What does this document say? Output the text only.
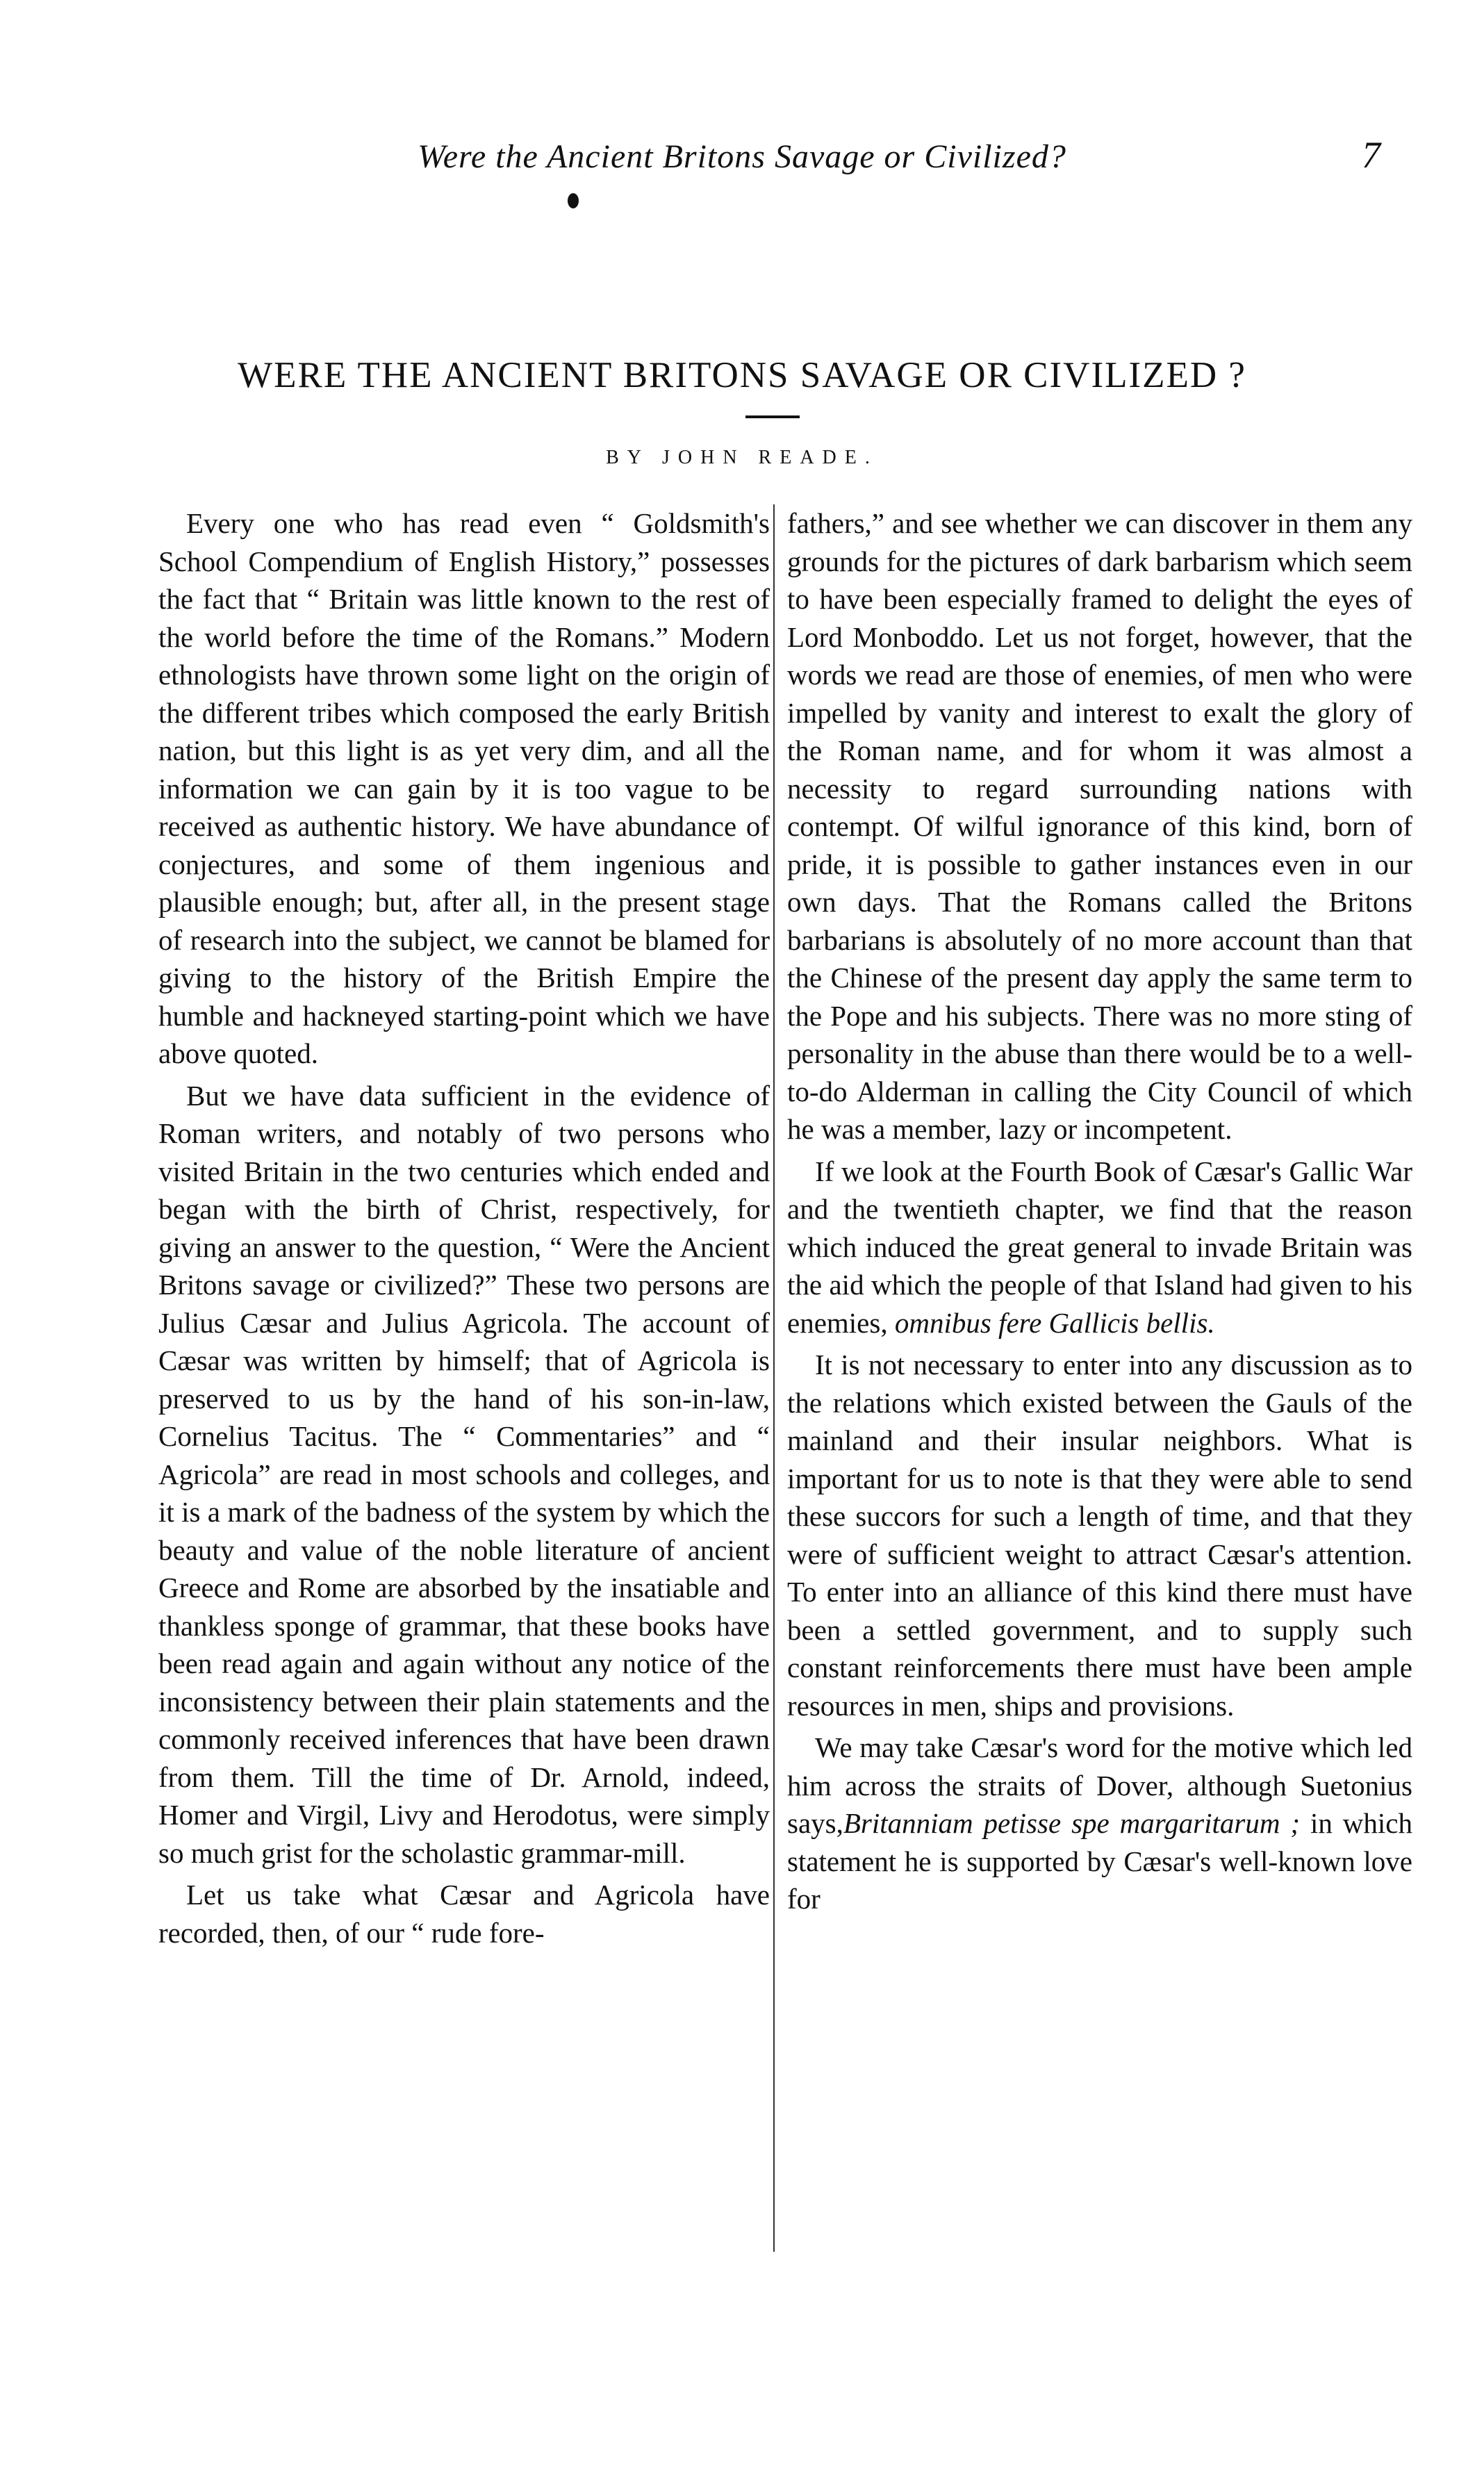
Were the Ancient Britons Savage or Civilized?	7
WERE THE ANCIENT BRITONS SAVAGE OR CIVILIZED ?
BY JOHN READE.

Every one who has read even “ Goldsmith's School Compendium of English History,” possesses the fact that “ Britain was little known to the rest of the world before the time of the Romans.” Modern ethnologists have thrown some light on the origin of the different tribes which composed the early British nation, but this light is as yet very dim, and all the information we can gain by it is too vague to be received as authentic history. We have abundance of conjectures, and some of them ingenious and plausible enough; but, after all, in the present stage of research into the subject, we cannot be blamed for giving to the history of the British Empire the humble and hackneyed starting-point which we have above quoted.

But we have data sufficient in the evidence of Roman writers, and notably of two persons who visited Britain in the two centuries which ended and began with the birth of Christ, respectively, for giving an answer to the question, “ Were the Ancient Britons savage or civilized?” These two persons are Julius Cæsar and Julius Agricola. The account of Cæsar was written by himself; that of Agricola is preserved to us by the hand of his son-in-law, Cornelius Tacitus. The “ Commentaries” and “ Agricola” are read in most schools and colleges, and it is a mark of the badness of the system by which the beauty and value of the noble literature of ancient Greece and Rome are absorbed by the insatiable and thankless sponge of grammar, that these books have been read again and again without any notice of the inconsistency between their plain statements and the commonly received inferences that have been drawn from them. Till the time of Dr. Arnold, indeed, Homer and Virgil, Livy and Herodotus, were simply so much grist for the scholastic grammar-mill.

Let us take what Cæsar and Agricola have recorded, then, of our “ rude fore-

fathers,” and see whether we can discover in them any grounds for the pictures of dark barbarism which seem to have been especially framed to delight the eyes of Lord Monboddo. Let us not forget, however, that the words we read are those of enemies, of men who were impelled by vanity and interest to exalt the glory of the Roman name, and for whom it was almost a necessity to regard surrounding nations with contempt. Of wilful ignorance of this kind, born of pride, it is possible to gather instances even in our own days. That the Romans called the Britons barbarians is absolutely of no more account than that the Chinese of the present day apply the same term to the Pope and his subjects. There was no more sting of personality in the abuse than there would be to a well-to-do Alderman in calling the City Council of which he was a member, lazy or incompetent.

If we look at the Fourth Book of Cæsar's Gallic War and the twentieth chapter, we find that the reason which induced the great general to invade Britain was the aid which the people of that Island had given to his enemies, omnibus fere Gallicis bellis.

It is not necessary to enter into any discussion as to the relations which existed between the Gauls of the mainland and their insular neighbors. What is important for us to note is that they were able to send these succors for such a length of time, and that they were of sufficient weight to attract Cæsar's attention. To enter into an alliance of this kind there must have been a settled government, and to supply such constant reinforcements there must have been ample resources in men, ships and provisions.

We may take Cæsar's word for the motive which led him across the straits of Dover, although Suetonius says,Britanniam petisse spe margaritarum ; in which statement he is supported by Cæsar's well-known love for
